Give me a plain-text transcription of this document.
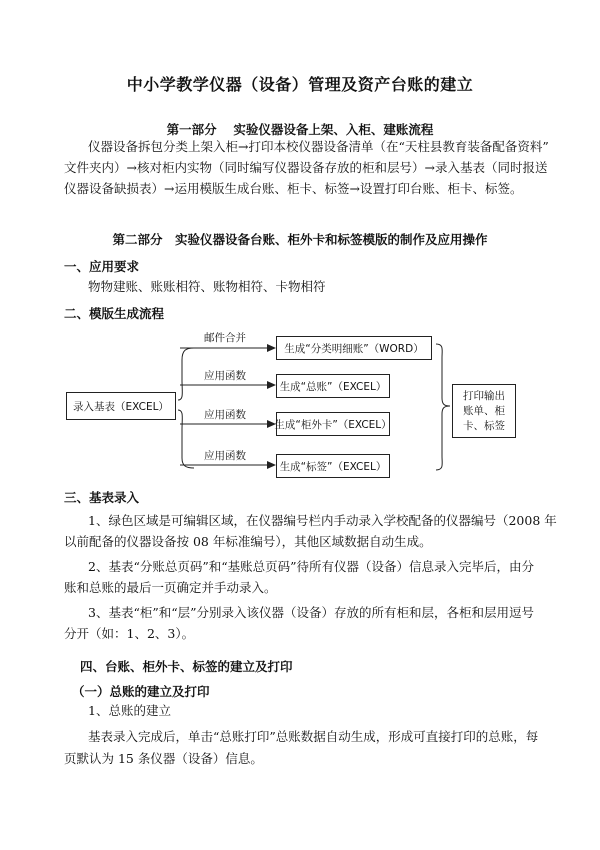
中小学教学仪器（设备）管理及资产台账的建立
第一部分　 实验仪器设备上架、入柜、建账流程
仪器设备拆包分类上架入柜→打印本校仪器设备清单（在“天柱县教育装备配备资料”
文件夹内）→核对柜内实物（同时编写仪器设备存放的柜和层号）→录入基表（同时报送
仪器设备缺损表）→运用模版生成台账、柜卡、标签→设置打印台账、柜卡、标签。
第二部分　实验仪器设备台账、柜外卡和标签模版的制作及应用操作
一、应用要求
物物建账、账账相符、账物相符、卡物相符
二、模版生成流程
录入基表（EXCEL）
邮件合并
应用函数
应用函数
应用函数
生成“分类明细账”（WORD）
生成“总账”（EXCEL）
生成“柜外卡”（EXCEL）
生成“标签”（EXCEL）
打印输出
账单、柜
卡、标签
三、基表录入
1、绿色区域是可编辑区域，在仪器编号栏内手动录入学校配备的仪器编号（2008 年
以前配备的仪器设备按 08 年标准编号），其他区域数据自动生成。
2、基表“分账总页码”和“基账总页码”待所有仪器（设备）信息录入完毕后，由分
账和总账的最后一页确定并手动录入。
3、基表“柜”和“层”分别录入该仪器（设备）存放的所有柜和层，各柜和层用逗号
分开（如：1、2、3）。
四、台账、柜外卡、标签的建立及打印
（一）总账的建立及打印
1、总账的建立
基表录入完成后，单击“总账打印”总账数据自动生成，形成可直接打印的总账，每
页默认为 15 条仪器（设备）信息。
